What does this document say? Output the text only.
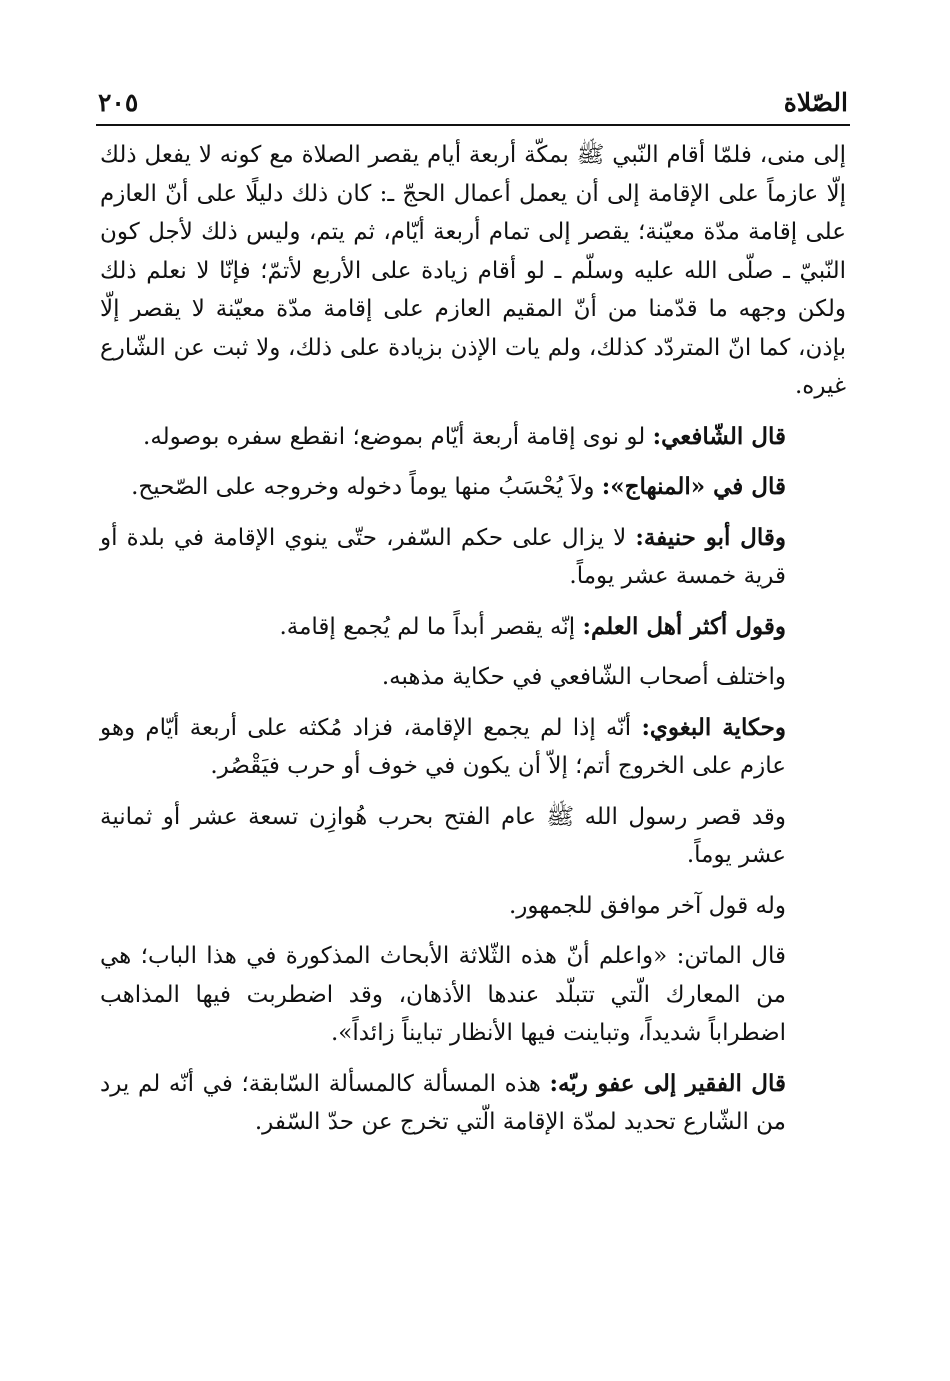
الصّلاة
٢٠٥

إلى منى، فلمّا أقام النّبي ﷺ بمكّة أربعة أيام يقصر الصلاة مع كونه لا يفعل ذلك إلّا عازماً على الإقامة إلى أن يعمل أعمال الحجّ ـ: كان ذلك دليلًا على أنّ العازم على إقامة مدّة معيّنة؛ يقصر إلى تمام أربعة أيّام، ثم يتم، وليس ذلك لأجل كون النّبيّ ـ صلّى الله عليه وسلّم ـ لو أقام زيادة على الأربع لأتمّ؛ فإنّا لا نعلم ذلك ولكن وجهه ما قدّمنا من أنّ المقيم العازم على إقامة مدّة معيّنة لا يقصر إلّا بإذن، كما انّ المتردّد كذلك، ولم يات الإذن بزيادة على ذلك، ولا ثبت عن الشّارع غيره.

قال الشّافعي: لو نوى إقامة أربعة أيّام بموضع؛ انقطع سفره بوصوله.

قال في «المنهاج»: ولاَ يُحْسَبُ منها يوماً دخوله وخروجه على الصّحيح.

وقال أبو حنيفة: لا يزال على حكم السّفر، حتّى ينوي الإقامة في بلدة أو قرية خمسة عشر يوماً.

وقول أكثر أهل العلم: إنّه يقصر أبداً ما لم يُجمع إقامة.

واختلف أصحاب الشّافعي في حكاية مذهبه.

وحكاية البغوي: أنّه إذا لم يجمع الإقامة، فزاد مُكثه على أربعة أيّام وهو عازم على الخروج أتم؛ إلاّ أن يكون في خوف أو حرب فيَقْصُر.

وقد قصر رسول الله ﷺ عام الفتح بحرب هُوازِن تسعة عشر أو ثمانية عشر يوماً.

وله قول آخر موافق للجمهور.

قال الماتن: «واعلم أنّ هذه الثّلاثة الأبحاث المذكورة في هذا الباب؛ هي من المعارك الّتي تتبلّد عندها الأذهان، وقد اضطربت فيها المذاهب اضطراباً شديداً، وتباينت فيها الأنظار تبايناً زائداً».

قال الفقير إلى عفو ربّه: هذه المسألة كالمسألة السّابقة؛ في أنّه لم يرد من الشّارع تحديد لمدّة الإقامة الّتي تخرج عن حدّ السّفر.
